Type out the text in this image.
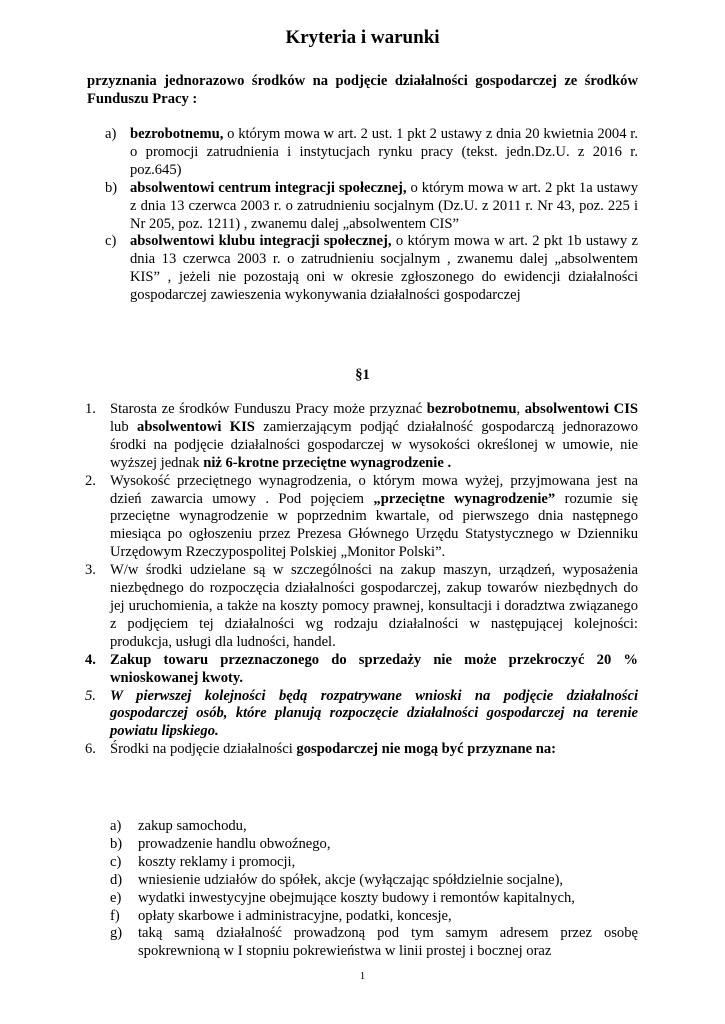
Kryteria i warunki

przyznania jednorazowo środków na podjęcie działalności gospodarczej ze środków Funduszu Pracy :

a) bezrobotnemu, o którym mowa w art. 2 ust. 1 pkt 2 ustawy z dnia 20 kwietnia 2004 r. o promocji zatrudnienia i instytucjach rynku pracy (tekst. jedn.Dz.U. z 2016 r. poz.645)
b) absolwentowi centrum integracji społecznej, o którym mowa w art. 2 pkt 1a ustawy z dnia 13 czerwca 2003 r. o zatrudnieniu socjalnym (Dz.U. z 2011 r. Nr 43, poz. 225 i Nr 205, poz. 1211) , zwanemu dalej „absolwentem CIS”
c) absolwentowi klubu integracji społecznej, o którym mowa w art. 2 pkt 1b ustawy z dnia 13 czerwca 2003 r. o zatrudnieniu socjalnym , zwanemu dalej „absolwentem KIS” , jeżeli nie pozostają oni w okresie zgłoszonego do ewidencji działalności gospodarczej zawieszenia wykonywania działalności gospodarczej
§1
1. Starosta ze środków Funduszu Pracy może przyznać bezrobotnemu, absolwentowi CIS lub absolwentowi KIS zamierzającym podjąć działalność gospodarczą jednorazowo środki na podjęcie działalności gospodarczej w wysokości określonej w umowie, nie wyższej jednak niż 6-krotne przeciętne wynagrodzenie .
2. Wysokość przeciętnego wynagrodzenia, o którym mowa wyżej, przyjmowana jest na dzień zawarcia umowy . Pod pojęciem „przeciętne wynagrodzenie” rozumie się przeciętne wynagrodzenie w poprzednim kwartale, od pierwszego dnia następnego miesiąca po ogłoszeniu przez Prezesa Głównego Urzędu Statystycznego w Dzienniku Urzędowym Rzeczypospolitej Polskiej „Monitor Polski”.
3. W/w środki udzielane są w szczególności na zakup maszyn, urządzeń, wyposażenia niezbędnego do rozpoczęcia działalności gospodarczej, zakup towarów niezbędnych do jej uruchomienia, a także na koszty pomocy prawnej, konsultacji i doradztwa związanego z podjęciem tej działalności wg rodzaju działalności w następującej kolejności: produkcja, usługi dla ludności, handel.
4. Zakup towaru przeznaczonego do sprzedaży nie może przekroczyć 20 % wnioskowanej kwoty.
5. W pierwszej kolejności będą rozpatrywane wnioski na podjęcie działalności gospodarczej osób, które planują rozpoczęcie działalności gospodarczej na terenie powiatu lipskiego.
6. Środki na podjęcie działalności gospodarczej nie mogą być przyznane na:
a) zakup samochodu,
b) prowadzenie handlu obwoźnego,
c) koszty reklamy i promocji,
d) wniesienie udziałów do spółek, akcje (wyłączając spółdzielnie socjalne),
e) wydatki inwestycyjne obejmujące koszty budowy i remontów kapitalnych,
f) opłaty skarbowe i administracyjne, podatki, koncesje,
g) taką samą działalność prowadzoną pod tym samym adresem przez osobę spokrewnioną w I stopniu pokrewieństwa w linii prostej i bocznej oraz
1
